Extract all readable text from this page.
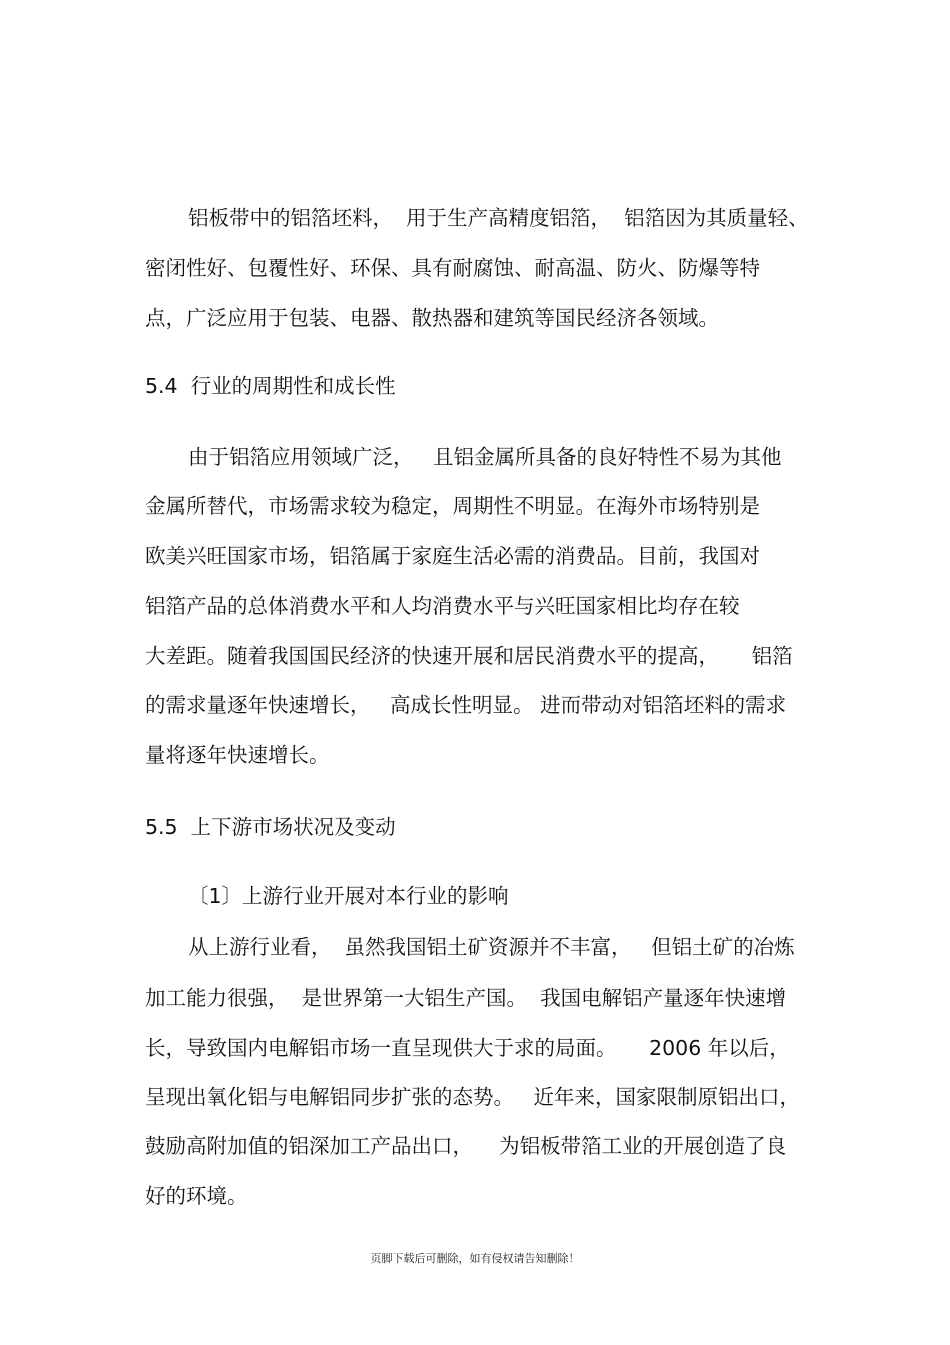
铝板带中的铝箔坯料，  用于生产高精度铝箔，  铝箔因为其质量轻、
密闭性好、包覆性好、环保、具有耐腐蚀、耐高温、防火、防爆等特
点，广泛应用于包装、电器、散热器和建筑等国民经济各领域。
5.4  行业的周期性和成长性
由于铝箔应用领域广泛，   且铝金属所具备的良好特性不易为其他
金属所替代，市场需求较为稳定，周期性不明显。在海外市场特别是
欧美兴旺国家市场，铝箔属于家庭生活必需的消费品。目前，我国对
铝箔产品的总体消费水平和人均消费水平与兴旺国家相比均存在较
大差距。随着我国国民经济的快速开展和居民消费水平的提高，     铝箔
的需求量逐年快速增长，   高成长性明显。 进而带动对铝箔坯料的需求
量将逐年快速增长。
5.5  上下游市场状况及变动
〔1〕上游行业开展对本行业的影响
从上游行业看，  虽然我国铝土矿资源并不丰富，   但铝土矿的冶炼
加工能力很强，  是世界第一大铝生产国。  我国电解铝产量逐年快速增
长，导致国内电解铝市场一直呈现供大于求的局面。     2006 年以后，
呈现出氧化铝与电解铝同步扩张的态势。   近年来，国家限制原铝出口，
鼓励高附加值的铝深加工产品出口，    为铝板带箔工业的开展创造了良
好的环境。
页脚下载后可删除，如有侵权请告知删除！
